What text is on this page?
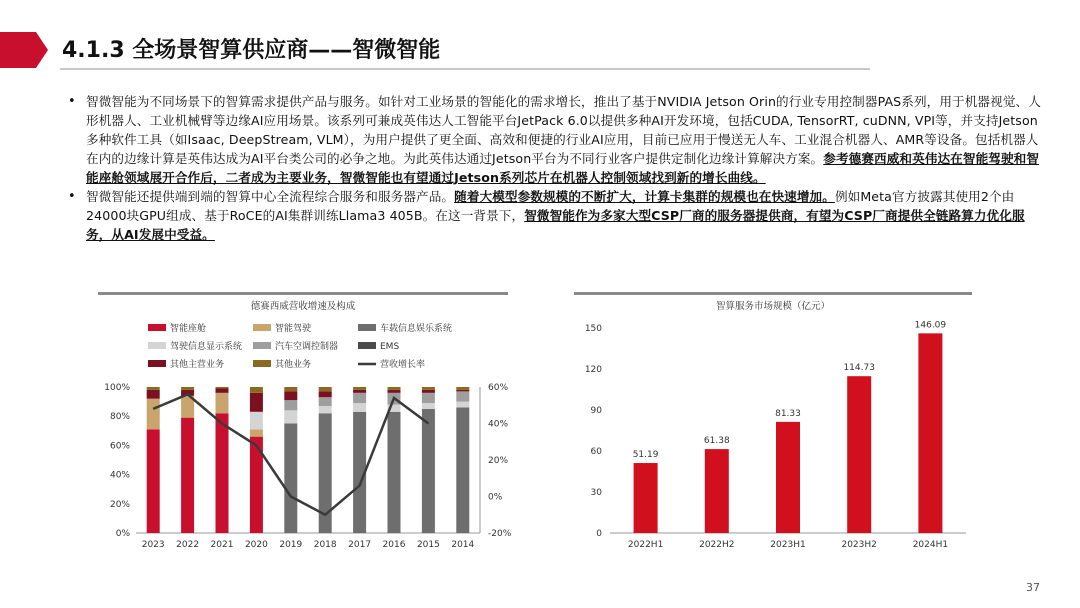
4.1.3 全场景智算供应商——智微智能
• 智微智能为不同场景下的智算需求提供产品与服务。如针对工业场景的智能化的需求增长，推出了基于NVIDIA Jetson Orin的行业专用控制器PAS系列，用于机器视觉、人形机器人、工业机械臂等边缘AI应用场景。该系列可兼成英伟达人工智能平台JetPack 6.0以提供多种AI开发环境，包括CUDA, TensorRT, cuDNN, VPI等，并支持Jetson多种软件工具（如Isaac, DeepStream, VLM），为用户提供了更全面、高效和便捷的行业AI应用，目前已应用于慢送无人车、工业混合机器人、AMR等设备。包括机器人在内的边缘计算是英伟达成为AI平台类公司的必争之地。为此英伟达通过Jetson平台为不同行业客户提供定制化边缘计算解决方案。参考德赛西威和英伟达在智能驾驶和智能座舱领域展开合作后，二者成为主要业务，智微智能也有望通过Jetson系列芯片在机器人控制领域找到新的增长曲线。
• 智微智能还提供端到端的智算中心全流程综合服务和服务器产品。随着大模型参数规模的不断扩大，计算卡集群的规模也在快速增加。例如Meta官方披露其使用2个由24000块GPU组成、基于RoCE的AI集群训练Llama3 405B。在这一背景下，智微智能作为多家大型CSP厂商的服务器提供商，有望为CSP厂商提供全链路算力优化服务，从AI发展中受益。
德赛西威营收增速及构成
智能座舱	智能驾驶	车载信息娱乐系统
驾驶信息显示系统	汽车空调控制器	EMS
其他主营业务	其他业务	营收增长率
0%
20%
40%
60%
80%
100%
-20%
0%
20%
40%
60%
2023 2022 2021 2020 2019 2018 2017 2016 2015 2014
智算服务市场规模（亿元）
0
30
60
90
120
150
51.19
2022H1
61.38
2022H2
81.33
2023H1
114.73
2023H2
146.09
2024H1
37
